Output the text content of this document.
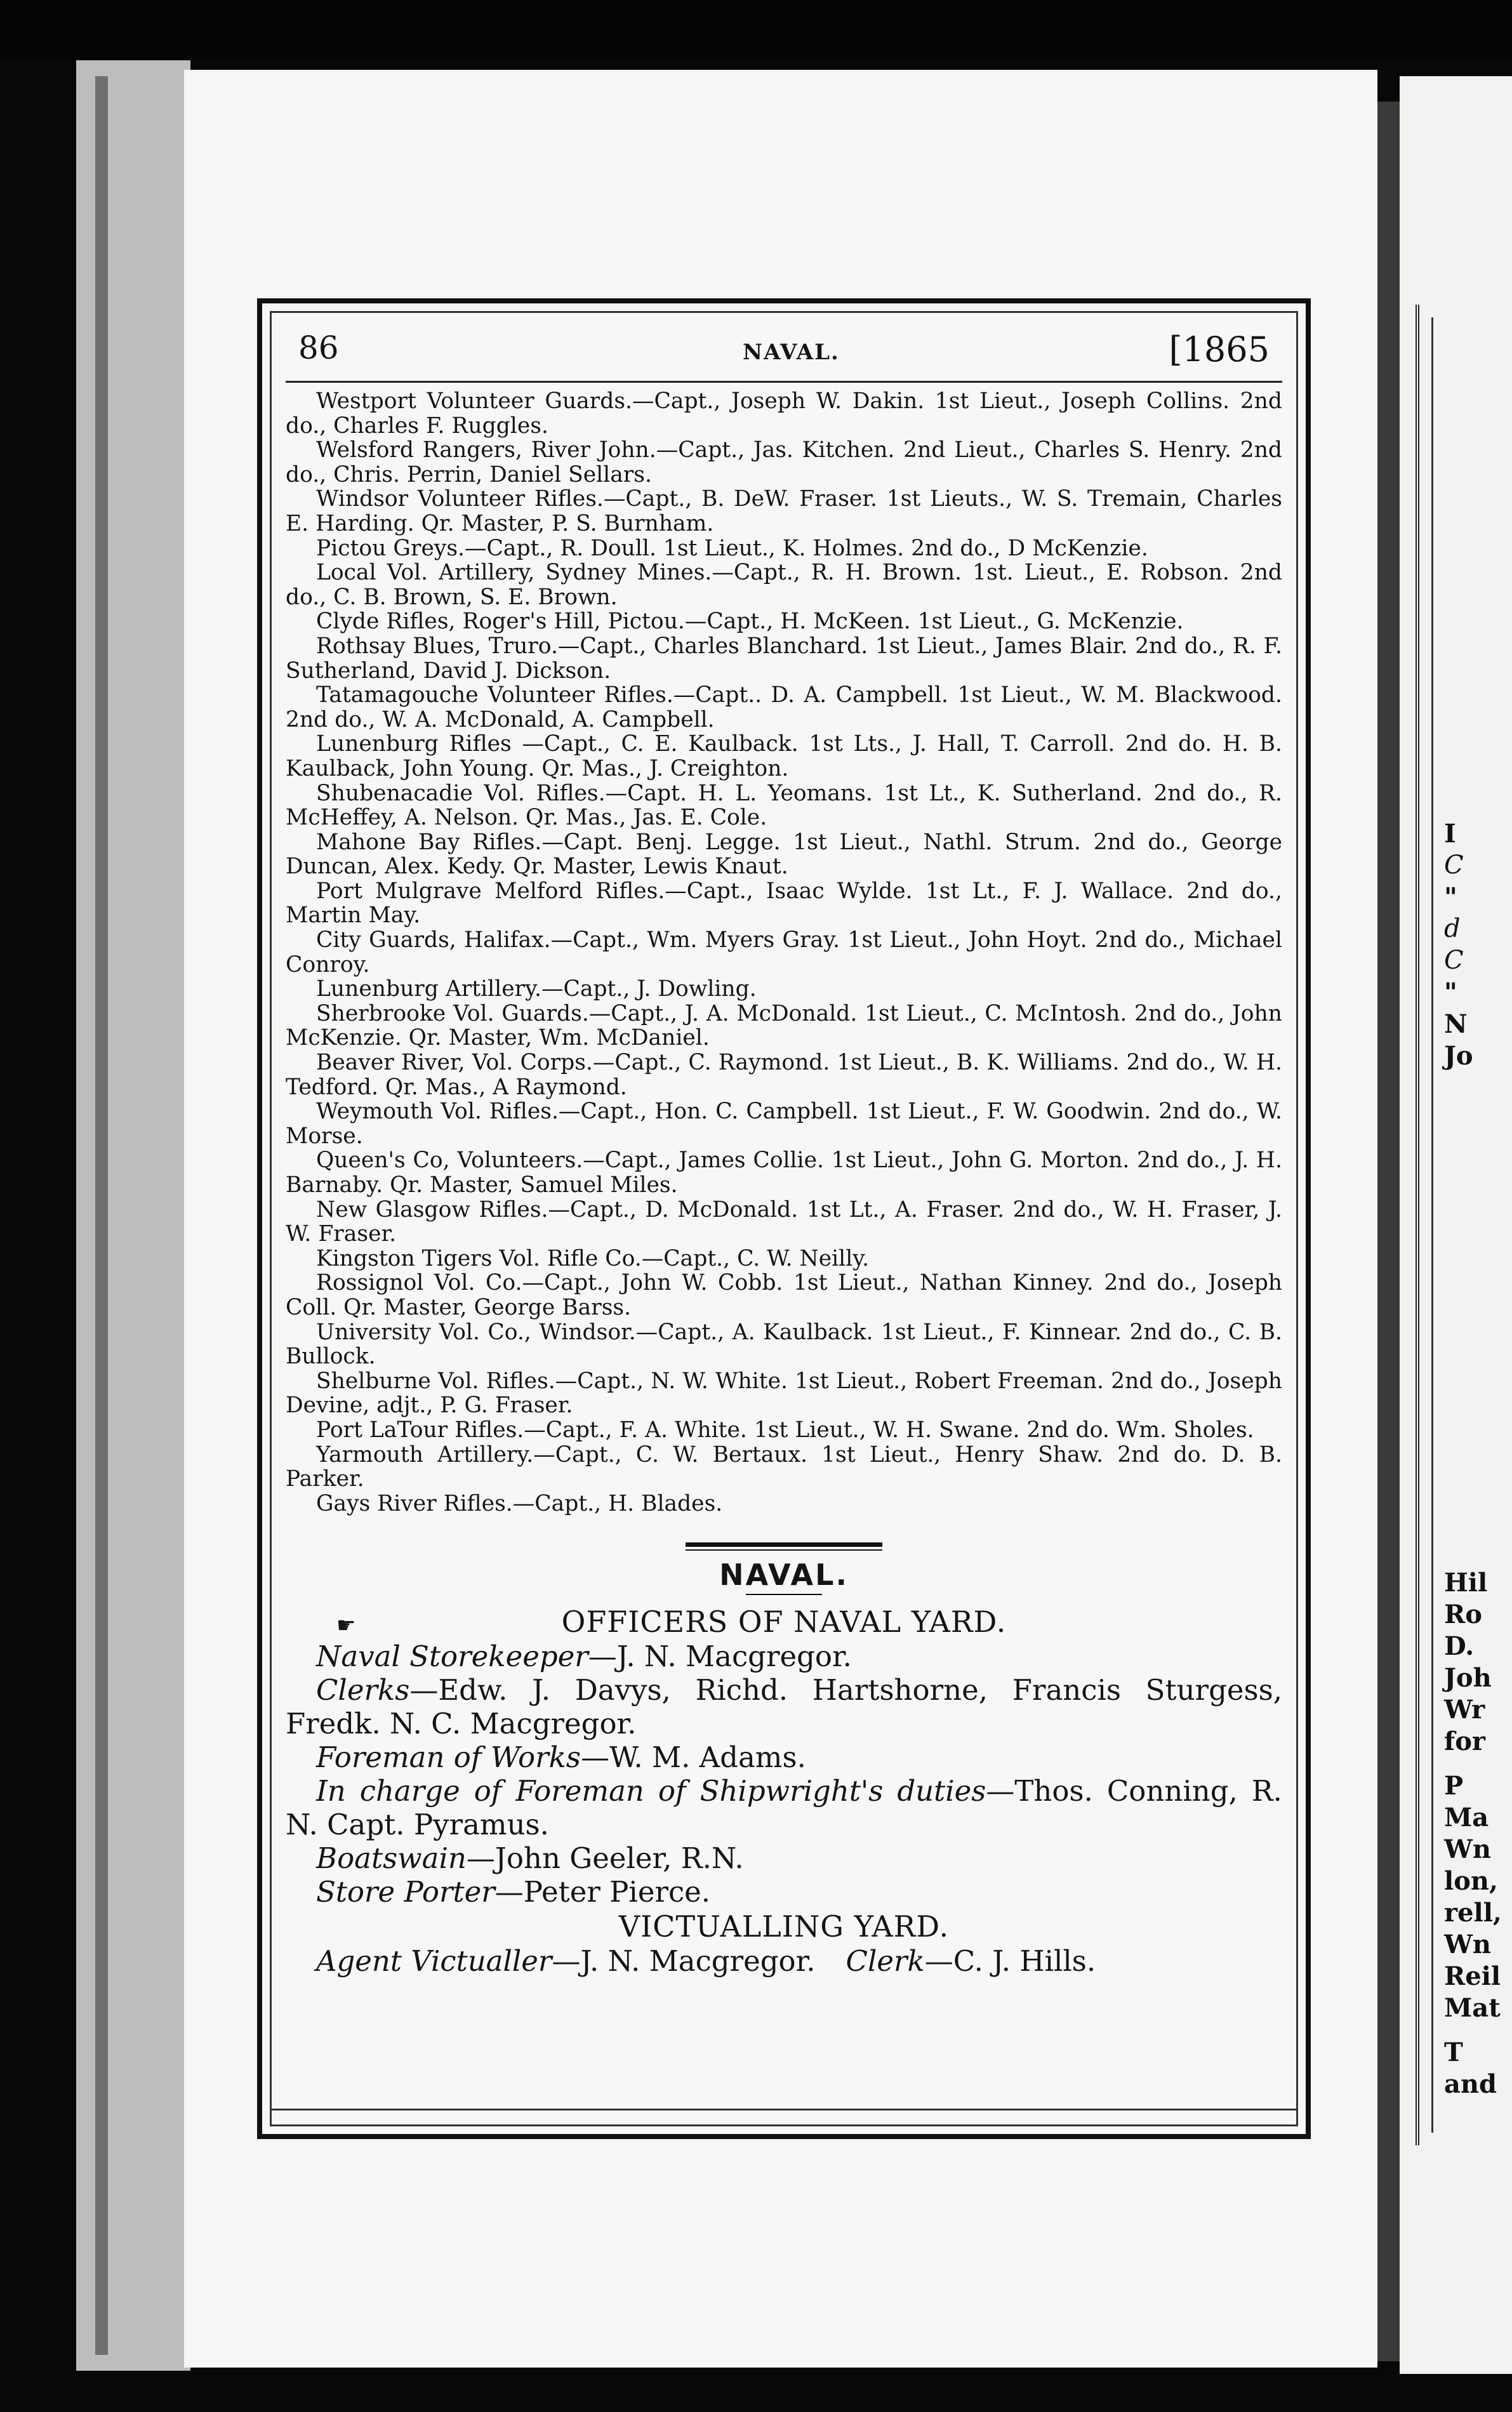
I
C
"
d
C
"
N
Jo
Hil
Ro
D.
Joh
Wr
for
P
Ma
Wn
lon,
rell,
Wn
Reil
Mat
T
and
86	NAVAL.	[1865
Westport Volunteer Guards.—Capt., Joseph W. Dakin. 1st Lieut., Joseph Collins. 2nd do., Charles F. Ruggles.
Welsford Rangers, River John.—Capt., Jas. Kitchen. 2nd Lieut., Charles S. Henry. 2nd do., Chris. Perrin, Daniel Sellars.
Windsor Volunteer Rifles.—Capt., B. DeW. Fraser. 1st Lieuts., W. S. Tremain, Charles E. Harding. Qr. Master, P. S. Burnham.
Pictou Greys.—Capt., R. Doull. 1st Lieut., K. Holmes. 2nd do., D McKenzie.
Local Vol. Artillery, Sydney Mines.—Capt., R. H. Brown. 1st. Lieut., E. Robson. 2nd do., C. B. Brown, S. E. Brown.
Clyde Rifles, Roger's Hill, Pictou.—Capt., H. McKeen. 1st Lieut., G. McKenzie.
Rothsay Blues, Truro.—Capt., Charles Blanchard. 1st Lieut., James Blair. 2nd do., R. F. Sutherland, David J. Dickson.
Tatamagouche Volunteer Rifles.—Capt.. D. A. Campbell. 1st Lieut., W. M. Blackwood. 2nd do., W. A. McDonald, A. Campbell.
Lunenburg Rifles —Capt., C. E. Kaulback. 1st Lts., J. Hall, T. Carroll. 2nd do. H. B. Kaulback, John Young. Qr. Mas., J. Creighton.
Shubenacadie Vol. Rifles.—Capt. H. L. Yeomans. 1st Lt., K. Sutherland. 2nd do., R. McHeffey, A. Nelson. Qr. Mas., Jas. E. Cole.
Mahone Bay Rifles.—Capt. Benj. Legge. 1st Lieut., Nathl. Strum. 2nd do., George Duncan, Alex. Kedy. Qr. Master, Lewis Knaut.
Port Mulgrave Melford Rifles.—Capt., Isaac Wylde. 1st Lt., F. J. Wallace. 2nd do., Martin May.
City Guards, Halifax.—Capt., Wm. Myers Gray. 1st Lieut., John Hoyt. 2nd do., Michael Conroy.
Lunenburg Artillery.—Capt., J. Dowling.
Sherbrooke Vol. Guards.—Capt., J. A. McDonald. 1st Lieut., C. McIntosh. 2nd do., John McKenzie. Qr. Master, Wm. McDaniel.
Beaver River, Vol. Corps.—Capt., C. Raymond. 1st Lieut., B. K. Williams. 2nd do., W. H. Tedford. Qr. Mas., A Raymond.
Weymouth Vol. Rifles.—Capt., Hon. C. Campbell. 1st Lieut., F. W. Goodwin. 2nd do., W. Morse.
Queen's Co, Volunteers.—Capt., James Collie. 1st Lieut., John G. Morton. 2nd do., J. H. Barnaby. Qr. Master, Samuel Miles.
New Glasgow Rifles.—Capt., D. McDonald. 1st Lt., A. Fraser. 2nd do., W. H. Fraser, J. W. Fraser.
Kingston Tigers Vol. Rifle Co.—Capt., C. W. Neilly.
Rossignol Vol. Co.—Capt., John W. Cobb. 1st Lieut., Nathan Kinney. 2nd do., Joseph Coll. Qr. Master, George Barss.
University Vol. Co., Windsor.—Capt., A. Kaulback. 1st Lieut., F. Kinnear. 2nd do., C. B. Bullock.
Shelburne Vol. Rifles.—Capt., N. W. White. 1st Lieut., Robert Freeman. 2nd do., Joseph Devine, adjt., P. G. Fraser.
Port LaTour Rifles.—Capt., F. A. White. 1st Lieut., W. H. Swane. 2nd do. Wm. Sholes.
Yarmouth Artillery.—Capt., C. W. Bertaux. 1st Lieut., Henry Shaw. 2nd do. D. B. Parker.
Gays River Rifles.—Capt., H. Blades.
NAVAL.
☛	OFFICERS OF NAVAL YARD.
Naval Storekeeper—J. N. Macgregor.
Clerks—Edw. J. Davys, Richd. Hartshorne, Francis Sturgess, Fredk. N. C. Macgregor.
Foreman of Works—W. M. Adams.
In charge of Foreman of Shipwright's duties—Thos. Conning, R. N. Capt. Pyramus.
Boatswain—John Geeler, R.N.
Store Porter—Peter Pierce.
VICTUALLING YARD.
Agent Victualler—J. N. Macgregor. Clerk—C. J. Hills.
